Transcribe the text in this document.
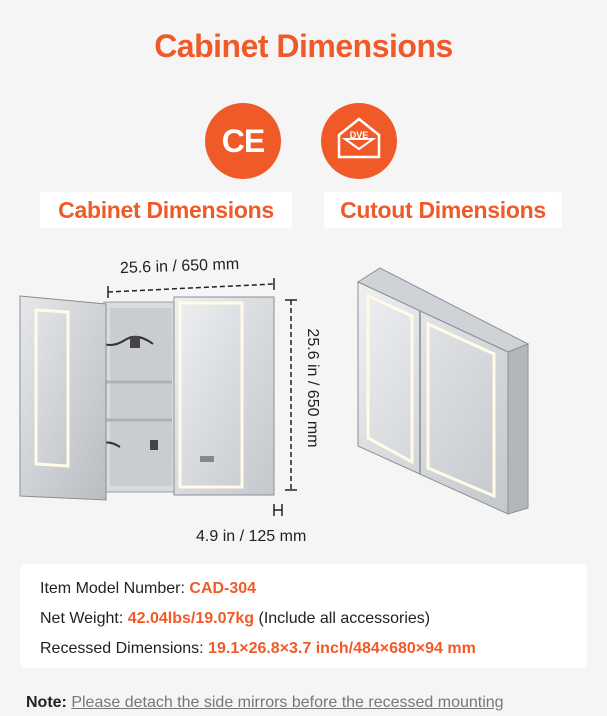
Cabinet Dimensions
CE	DVE
Cabinet Dimensions	Cutout Dimensions
25.6 in / 650 mm
25.6 in / 650 mm
4.9 in / 125 mm
Item Model Number: CAD-304
Net Weight: 42.04lbs/19.07kg (Include all accessories)
Recessed Dimensions: 19.1×26.8×3.7 inch/484×680×94 mm
Note: Please detach the side mirrors before the recessed mounting
